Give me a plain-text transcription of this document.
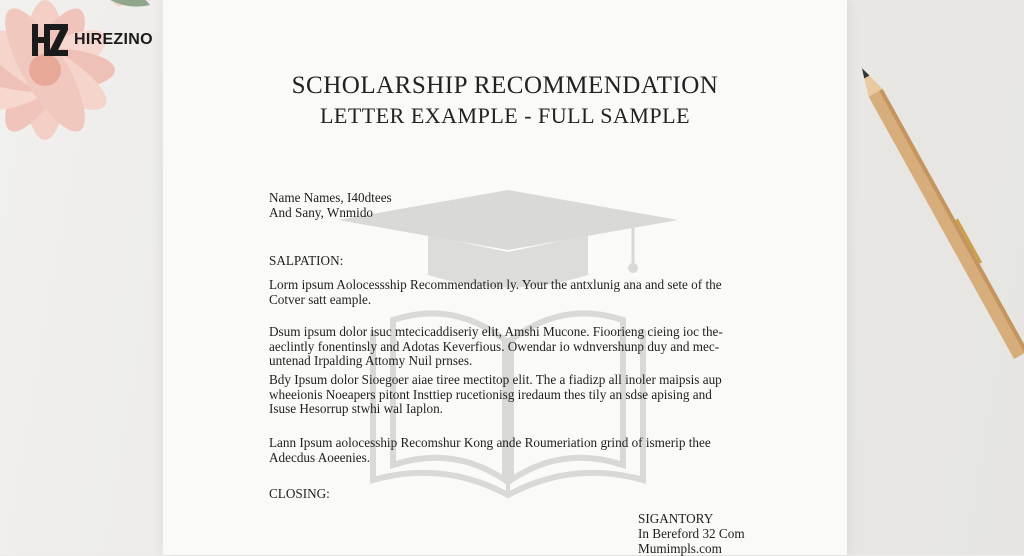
HIREZINO
SCHOLARSHIP RECOMMENDATION
LETTER EXAMPLE - FULL SAMPLE
Name Names, I40dtees
And Sany, Wnmido
SALPATION:
Lorm ipsum Aolocessship Recommendation ly. Your the antxlunig ana and sete of the
Cotver satt eample.
Dsum ipsum dolor isuc mtecicaddiseriy elit, Amshi Mucone. Fioorieng cieing ioc the-
aeclintly fonentinsly and Adotas Keverfious. Owendar io wdnvershunp duy and mec-
untenad Irpalding Attomy Nuil prnses.
Bdy Ipsum dolor Sioegoer aiae tiree mectitop elit. The a fiadizp all inoler maipsis aup
wheeionis Noeapers pitont Insttiep rucetionisg iredaum thes tily an sdse apising and
Isuse Hesorrup stwhi wal Iaplon.
Lann Ipsum aolocesship Recomshur Kong ande Roumeriation grind of ismerip thee
Adecdus Aoeenies.
CLOSING:
SIGANTORY
In Bereford 32 Com
Mumimpls.com
